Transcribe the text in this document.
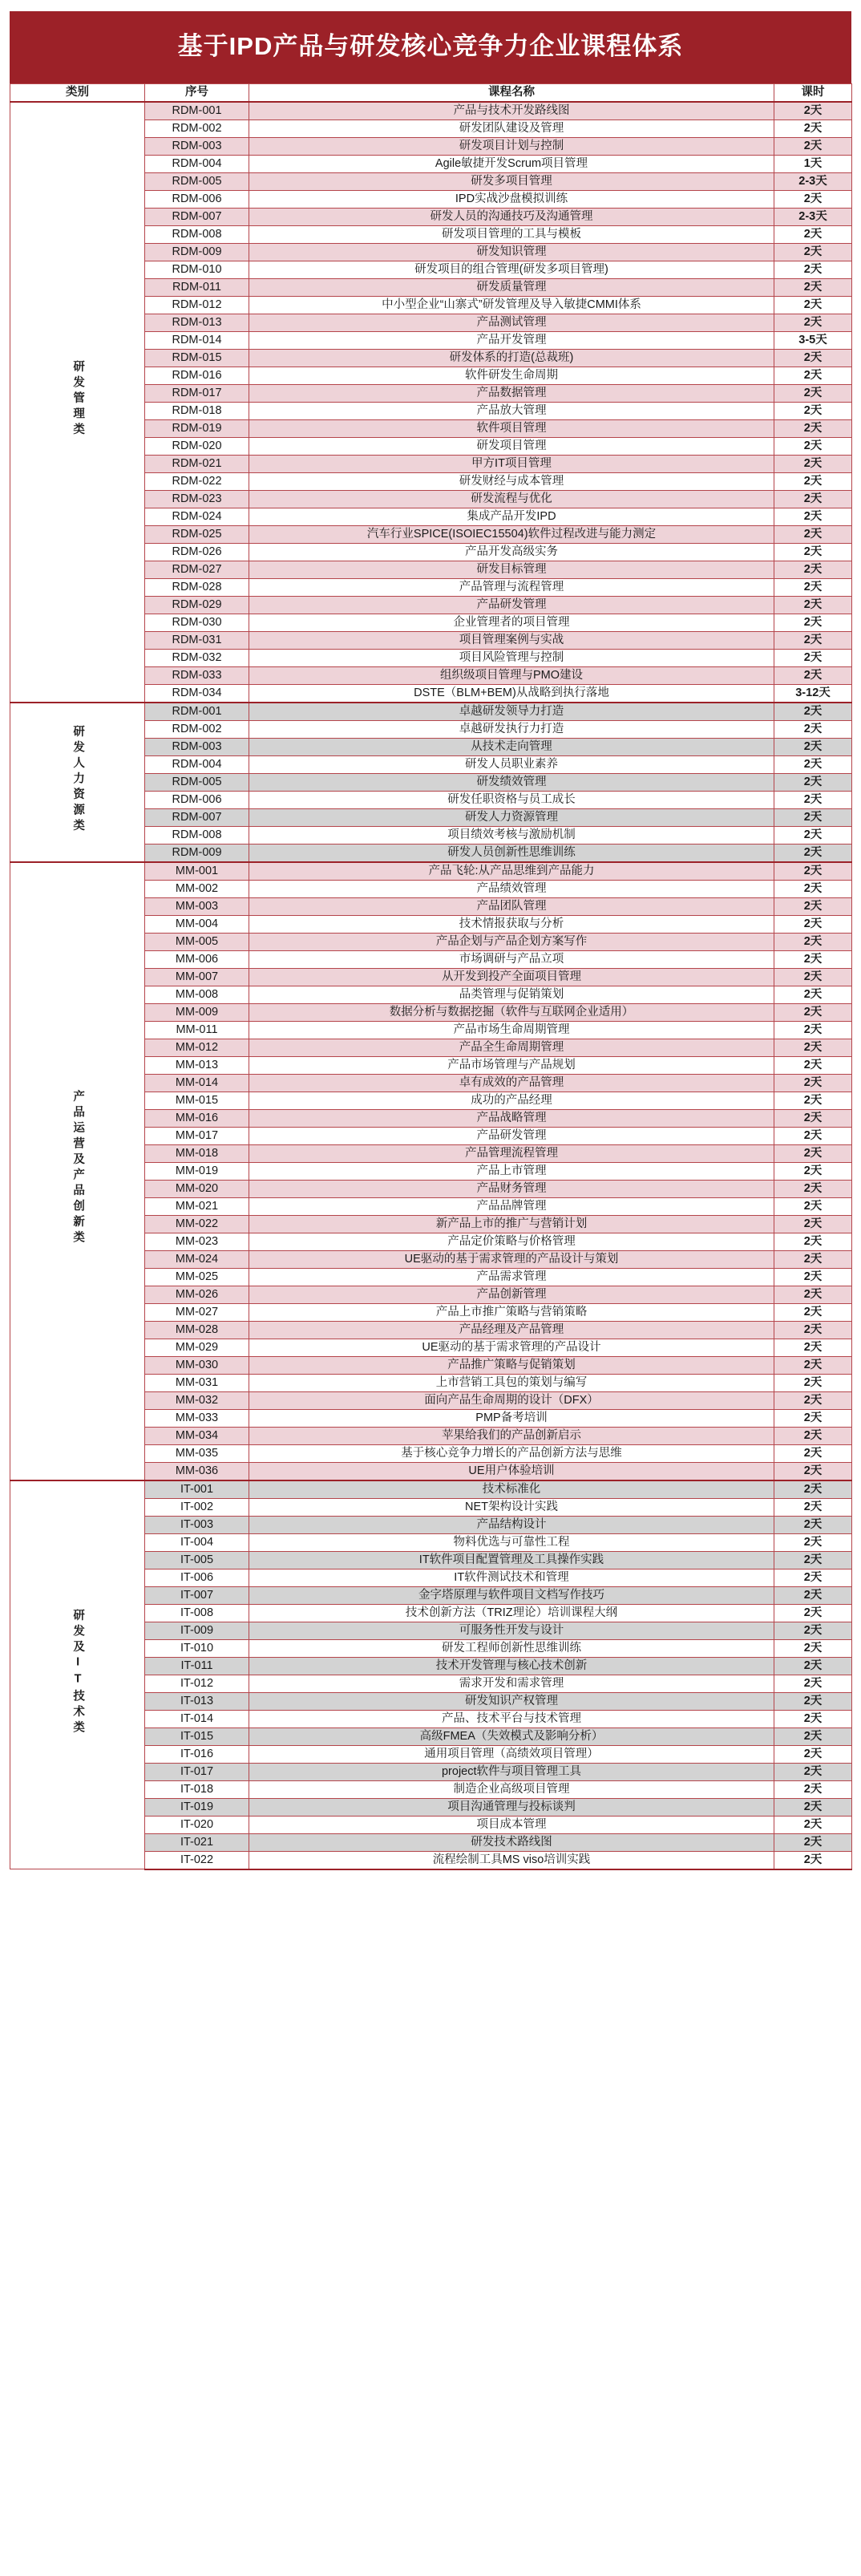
基于IPD产品与研发核心竞争力企业课程体系
类别	序号	课程名称	课时
研发管理类	RDM-001	产品与技术开发路线图	2天
	RDM-002	研发团队建设及管理	2天
	RDM-003	研发项目计划与控制	2天
	RDM-004	Agile敏捷开发Scrum项目管理	1天
	RDM-005	研发多项目管理	2-3天
	RDM-006	IPD实战沙盘模拟训练	2天
	RDM-007	研发人员的沟通技巧及沟通管理	2-3天
	RDM-008	研发项目管理的工具与模板	2天
	RDM-009	研发知识管理	2天
	RDM-010	研发项目的组合管理(研发多项目管理)	2天
	RDM-011	研发质量管理	2天
	RDM-012	中小型企业“山寨式”研发管理及导入敏捷CMMI体系	2天
	RDM-013	产品测试管理	2天
	RDM-014	产品开发管理	3-5天
	RDM-015	研发体系的打造(总裁班)	2天
	RDM-016	软件研发生命周期	2天
	RDM-017	产品数据管理	2天
	RDM-018	产品放大管理	2天
	RDM-019	软件项目管理	2天
	RDM-020	研发项目管理	2天
	RDM-021	甲方IT项目管理	2天
	RDM-022	研发财经与成本管理	2天
	RDM-023	研发流程与优化	2天
	RDM-024	集成产品开发IPD	2天
	RDM-025	汽车行业SPICE(ISOIEC15504)软件过程改进与能力测定	2天
	RDM-026	产品开发高级实务	2天
	RDM-027	研发目标管理	2天
	RDM-028	产品管理与流程管理	2天
	RDM-029	产品研发管理	2天
	RDM-030	企业管理者的项目管理	2天
	RDM-031	项目管理案例与实战	2天
	RDM-032	项目风险管理与控制	2天
	RDM-033	组织级项目管理与PMO建设	2天
	RDM-034	DSTE（BLM+BEM)从战略到执行落地	3-12天
研发人力资源类	RDM-001	卓越研发领导力打造	2天
	RDM-002	卓越研发执行力打造	2天
	RDM-003	从技术走向管理	2天
	RDM-004	研发人员职业素养	2天
	RDM-005	研发绩效管理	2天
	RDM-006	研发任职资格与员工成长	2天
	RDM-007	研发人力资源管理	2天
	RDM-008	项目绩效考核与激励机制	2天
	RDM-009	研发人员创新性思维训练	2天
产品运营及产品创新类	MM-001	产品飞轮:从产品思维到产品能力	2天
	MM-002	产品绩效管理	2天
	MM-003	产品团队管理	2天
	MM-004	技术情报获取与分析	2天
	MM-005	产品企划与产品企划方案写作	2天
	MM-006	市场调研与产品立项	2天
	MM-007	从开发到投产全面项目管理	2天
	MM-008	品类管理与促销策划	2天
	MM-009	数据分析与数据挖掘（软件与互联网企业适用）	2天
	MM-011	产品市场生命周期管理	2天
	MM-012	产品全生命周期管理	2天
	MM-013	产品市场管理与产品规划	2天
	MM-014	卓有成效的产品管理	2天
	MM-015	成功的产品经理	2天
	MM-016	产品战略管理	2天
	MM-017	产品研发管理	2天
	MM-018	产品管理流程管理	2天
	MM-019	产品上市管理	2天
	MM-020	产品财务管理	2天
	MM-021	产品品牌管理	2天
	MM-022	新产品上市的推广与营销计划	2天
	MM-023	产品定价策略与价格管理	2天
	MM-024	UE驱动的基于需求管理的产品设计与策划	2天
	MM-025	产品需求管理	2天
	MM-026	产品创新管理	2天
	MM-027	产品上市推广策略与营销策略	2天
	MM-028	产品经理及产品管理	2天
	MM-029	UE驱动的基于需求管理的产品设计	2天
	MM-030	产品推广策略与促销策划	2天
	MM-031	上市营销工具包的策划与编写	2天
	MM-032	面向产品生命周期的设计（DFX）	2天
	MM-033	PMP备考培训	2天
	MM-034	苹果给我们的产品创新启示	2天
	MM-035	基于核心竞争力增长的产品创新方法与思维	2天
	MM-036	UE用户体验培训	2天
研发及IT技术类	IT-001	技术标准化	2天
	IT-002	NET架构设计实践	2天
	IT-003	产品结构设计	2天
	IT-004	物料优选与可靠性工程	2天
	IT-005	IT软件项目配置管理及工具操作实践	2天
	IT-006	IT软件测试技术和管理	2天
	IT-007	金字塔原理与软件项目文档写作技巧	2天
	IT-008	技术创新方法（TRIZ理论）培训课程大纲	2天
	IT-009	可服务性开发与设计	2天
	IT-010	研发工程师创新性思维训练	2天
	IT-011	技术开发管理与核心技术创新	2天
	IT-012	需求开发和需求管理	2天
	IT-013	研发知识产权管理	2天
	IT-014	产品、技术平台与技术管理	2天
	IT-015	高级FMEA（失效模式及影响分析）	2天
	IT-016	通用项目管理（高绩效项目管理）	2天
	IT-017	project软件与项目管理工具	2天
	IT-018	制造企业高级项目管理	2天
	IT-019	项目沟通管理与投标谈判	2天
	IT-020	项目成本管理	2天
	IT-021	研发技术路线图	2天
	IT-022	流程绘制工具MS viso培训实践	2天
